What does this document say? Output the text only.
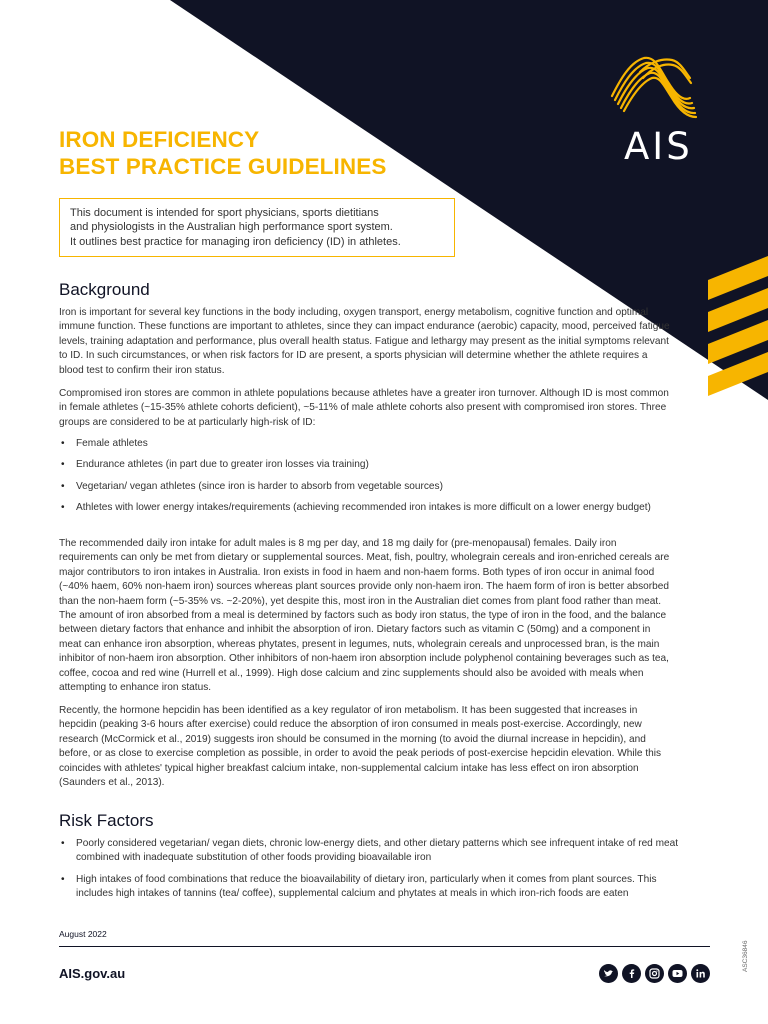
AIS
IRON DEFICIENCY
BEST PRACTICE GUIDELINES
This document is intended for sport physicians, sports dietitians
and physiologists in the Australian high performance sport system.
It outlines best practice for managing iron deficiency (ID) in athletes.
Background

Iron is important for several key functions in the body including, oxygen transport, energy metabolism, cognitive function and optimal immune function. These functions are important to athletes, since they can impact endurance (aerobic) capacity, mood, perceived fatigue levels, training adaptation and performance, plus overall health status. Fatigue and lethargy may present as the initial symptoms relevant to ID. In such circumstances, or when risk factors for ID are present, a sports physician will determine whether the athlete requires a blood test to confirm their iron status.

Compromised iron stores are common in athlete populations because athletes have a greater iron turnover. Although ID is most common in female athletes (~15-35% athlete cohorts deficient), ~5-11% of male athlete cohorts also present with compromised iron stores. Three groups are considered to be at particularly high-risk of ID:

• Female athletes
• Endurance athletes (in part due to greater iron losses via training)
• Vegetarian/ vegan athletes (since iron is harder to absorb from vegetable sources)
• Athletes with lower energy intakes/requirements (achieving recommended iron intakes is more difficult on a lower energy budget)

The recommended daily iron intake for adult males is 8 mg per day, and 18 mg daily for (pre-menopausal) females. Daily iron requirements can only be met from dietary or supplemental sources. Meat, fish, poultry, wholegrain cereals and iron-enriched cereals are major contributors to iron intakes in Australia. Iron exists in food in haem and non-haem forms. Both types of iron occur in animal food (~40% haem, 60% non-haem iron) sources whereas plant sources provide only non-haem iron. The haem form of iron is better absorbed than the non-haem form (~5-35% vs. ~2-20%), yet despite this, most iron in the Australian diet comes from plant food rather than meat. The amount of iron absorbed from a meal is determined by factors such as body iron status, the type of iron in the food, and the balance between dietary factors that enhance and inhibit the absorption of iron. Dietary factors such as vitamin C (50mg) and a component in meat can enhance iron absorption, whereas phytates, present in legumes, nuts, wholegrain cereals and unprocessed bran, is the main inhibitor of non-haem iron absorption. Other inhibitors of non-haem iron absorption include polyphenol containing beverages such as tea, coffee, cocoa and red wine (Hurrell et al., 1999). High dose calcium and zinc supplements should also be avoided with meals when attempting to enhance iron status.

Recently, the hormone hepcidin has been identified as a key regulator of iron metabolism. It has been suggested that increases in hepcidin (peaking 3-6 hours after exercise) could reduce the absorption of iron consumed in meals post-exercise. Accordingly, new research (McCormick et al., 2019) suggests iron should be consumed in the morning (to avoid the diurnal increase in hepcidin), and before, or as close to exercise completion as possible, in order to avoid the peak periods of post-exercise hepcidin elevation. While this coincides with athletes' typical higher breakfast calcium intake, non-supplemental calcium intake has less effect on iron absorption (Saunders et al., 2013).

Risk Factors
• Poorly considered vegetarian/ vegan diets, chronic low-energy diets, and other dietary patterns which see infrequent intake of red meat combined with inadequate substitution of other foods providing bioavailable iron
• High intakes of food combinations that reduce the bioavailability of dietary iron, particularly when it comes from plant sources. This includes high intakes of tannins (tea/ coffee), supplemental calcium and phytates at meals in which iron-rich foods are eaten
August 2022
AIS.gov.au
ASC36846
